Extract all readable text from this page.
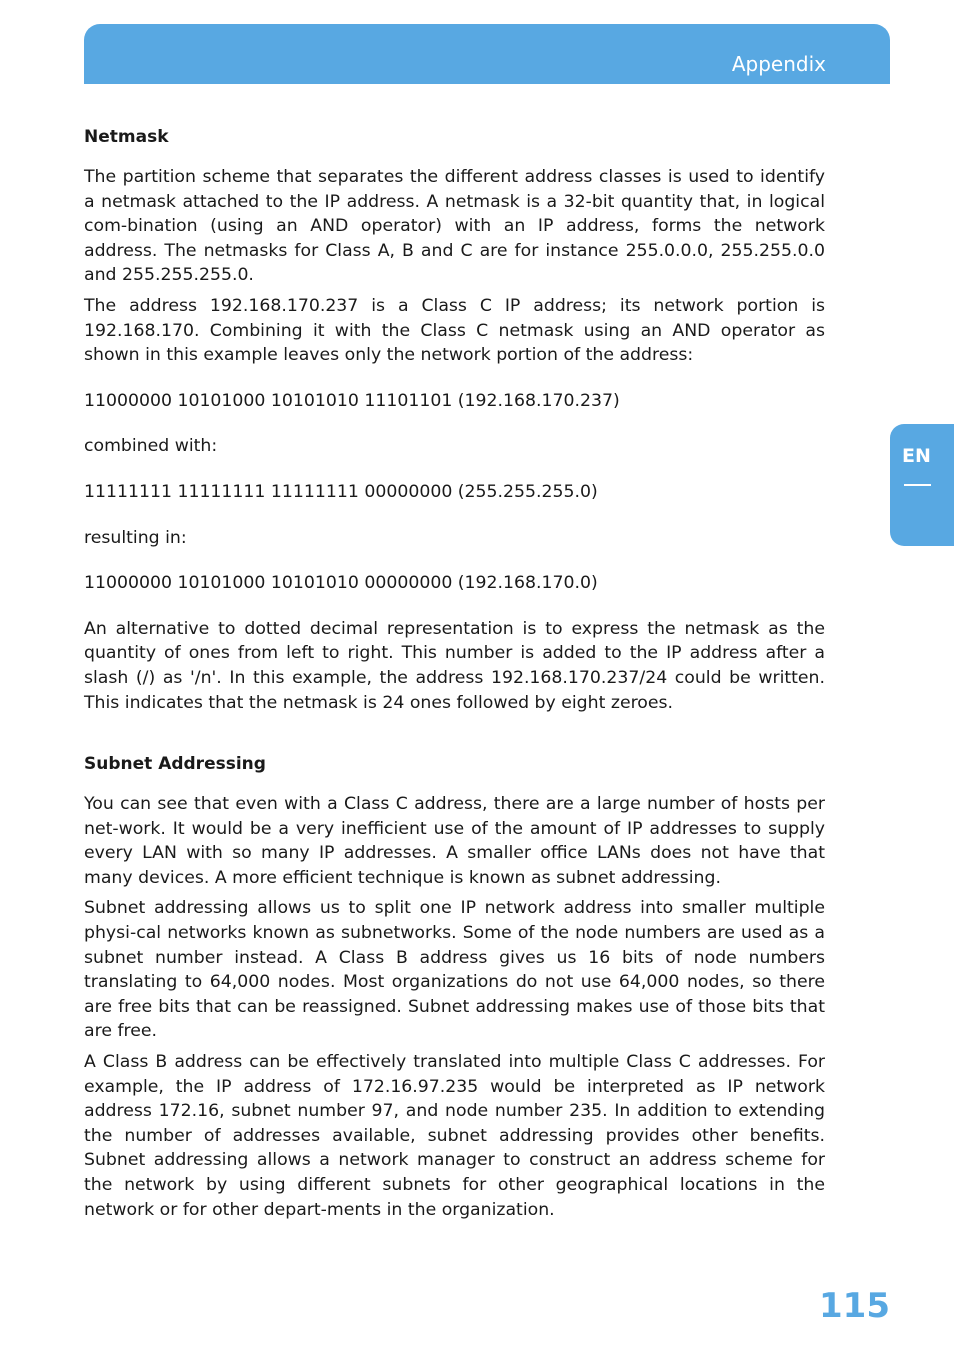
Appendix
EN
Netmask

The partition scheme that separates the different address classes is used to identify a netmask attached to the IP address. A netmask is a 32-bit quantity that, in logical com-bination (using an AND operator) with an IP address, forms the network address. The netmasks for Class A, B and C are for instance 255.0.0.0, 255.255.0.0 and 255.255.255.0.

The address 192.168.170.237 is a Class C IP address; its network portion is 192.168.170. Combining it with the Class C netmask using an AND operator as shown in this example leaves only the network portion of the address:

11000000 10101000 10101010 11101101 (192.168.170.237)

combined with:

11111111 11111111 11111111 00000000 (255.255.255.0)

resulting in:

11000000 10101000 10101010 00000000 (192.168.170.0)

An alternative to dotted decimal representation is to express the netmask as the quantity of ones from left to right. This number is added to the IP address after a slash (/) as '/n'. In this example, the address 192.168.170.237/24 could be written. This indicates that the netmask is 24 ones followed by eight zeroes.

Subnet Addressing

You can see that even with a Class C address, there are a large number of hosts per net-work. It would be a very inefficient use of the amount of IP addresses to supply every LAN with so many IP addresses. A smaller office LANs does not have that many devices. A more efficient technique is known as subnet addressing.

Subnet addressing allows us to split one IP network address into smaller multiple physi-cal networks known as subnetworks. Some of the node numbers are used as a subnet number instead. A Class B address gives us 16 bits of node numbers translating to 64,000 nodes. Most organizations do not use 64,000 nodes, so there are free bits that can be reassigned. Subnet addressing makes use of those bits that are free.

A Class B address can be effectively translated into multiple Class C addresses. For example, the IP address of 172.16.97.235 would be interpreted as IP network address 172.16, subnet number 97, and node number 235. In addition to extending the number of addresses available, subnet addressing provides other benefits. Subnet addressing allows a network manager to construct an address scheme for the network by using different subnets for other geographical locations in the network or for other depart-ments in the organization.

115
